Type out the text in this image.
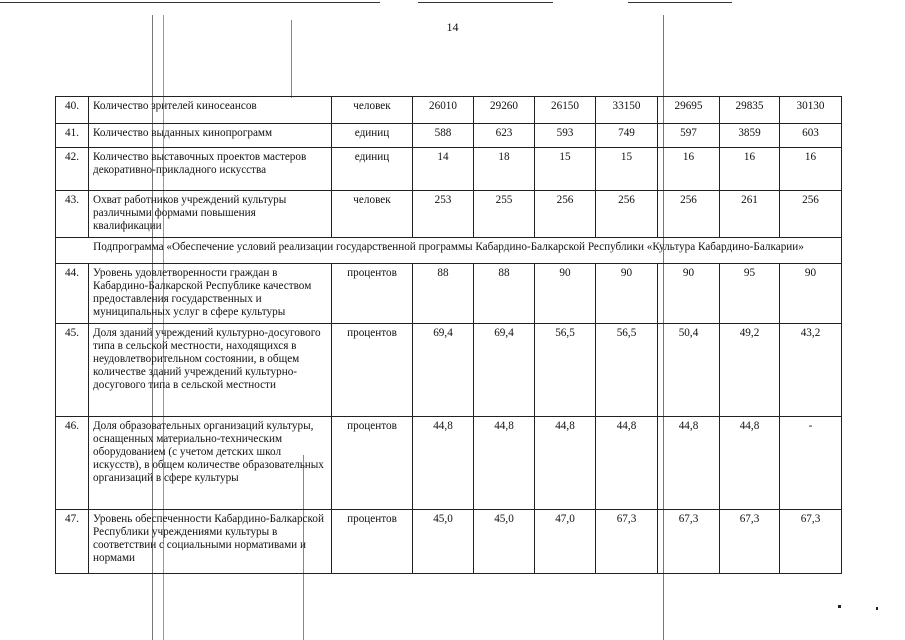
14
40.	Количество зрителей киносеансов	человек	26010	29260	26150	33150	29695	29835	30130
41.	Количество выданных кинопрограмм	единиц	588	623	593	749	597	3859	603
42.	Количество выставочных проектов мастеров декоративно-прикладного искусства	единиц	14	18	15	15	16	16	16
43.	Охват работников учреждений культуры различными формами повышения квалификации	человек	253	255	256	256	256	261	256
Подпрограмма «Обеспечение условий реализации государственной программы Кабардино-Балкарской Республики «Культура Кабардино-Балкарии»									
44.	Уровень удовлетворенности граждан в Кабардино-Балкарской Республике качеством предоставления государственных и муниципальных услуг в сфере культуры	процентов	88	88	90	90	90	95	90
45.	Доля зданий учреждений культурно-досугового типа в сельской местности, находящихся в неудовлетворительном состоянии, в общем количестве зданий учреждений культурно-досугового типа в сельской местности	процентов	69,4	69,4	56,5	56,5	50,4	49,2	43,2
46.	Доля образовательных организаций культуры, оснащенных материально-техническим оборудованием (с учетом детских школ искусств), в общем количестве образовательных организаций в сфере культуры	процентов	44,8	44,8	44,8	44,8	44,8	44,8	-
47.	Уровень обеспеченности Кабардино-Балкарской Республики учреждениями культуры в соответствии с социальными нормативами и нормами	процентов	45,0	45,0	47,0	67,3	67,3	67,3	67,3
